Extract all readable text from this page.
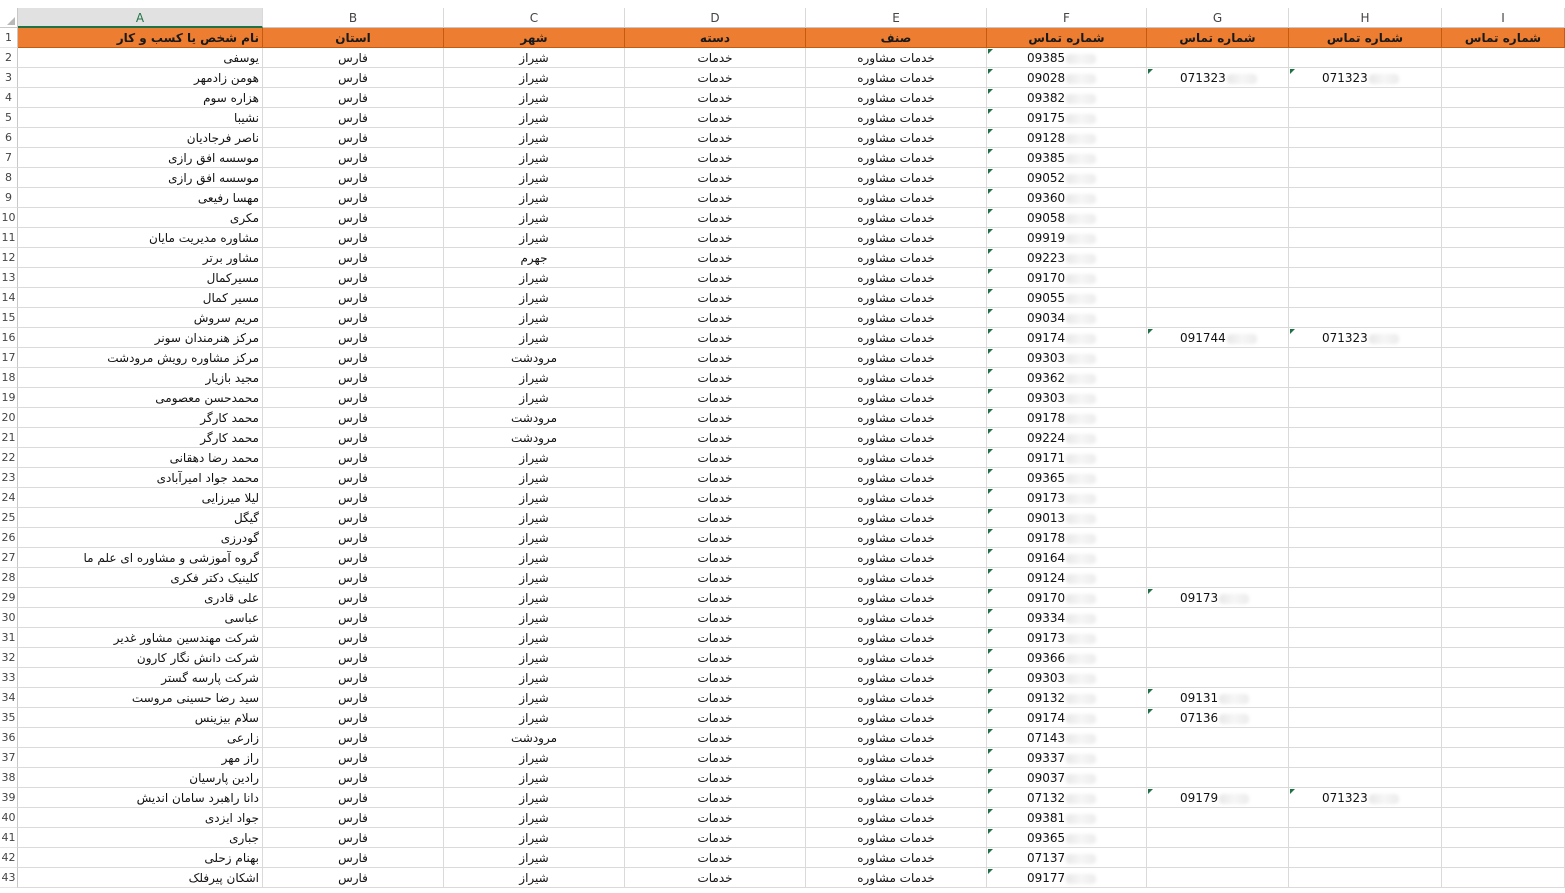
A	B	C	D	E	F	G	H	I
1	نام شخص یا کسب و کار	استان	شهر	دسته	صنف	شماره تماس	شماره تماس	شماره تماس	شماره تماس
2	یوسفی	فارس	شیراز	خدمات	خدمات مشاوره	09385
3	هومن زادمهر	فارس	شیراز	خدمات	خدمات مشاوره	09028	071323	071323
4	هزاره سوم	فارس	شیراز	خدمات	خدمات مشاوره	09382
5	نشیبا	فارس	شیراز	خدمات	خدمات مشاوره	09175
6	ناصر فرجادیان	فارس	شیراز	خدمات	خدمات مشاوره	09128
7	موسسه افق رازی	فارس	شیراز	خدمات	خدمات مشاوره	09385
8	موسسه افق رازی	فارس	شیراز	خدمات	خدمات مشاوره	09052
9	مهسا رفیعی	فارس	شیراز	خدمات	خدمات مشاوره	09360
10	مکری	فارس	شیراز	خدمات	خدمات مشاوره	09058
11	مشاوره مدیریت مایان	فارس	شیراز	خدمات	خدمات مشاوره	09919
12	مشاور برتر	فارس	جهرم	خدمات	خدمات مشاوره	09223
13	مسیرکمال	فارس	شیراز	خدمات	خدمات مشاوره	09170
14	مسیر کمال	فارس	شیراز	خدمات	خدمات مشاوره	09055
15	مریم سروش	فارس	شیراز	خدمات	خدمات مشاوره	09034
16	مرکز هنرمندان سونر	فارس	شیراز	خدمات	خدمات مشاوره	09174	091744	071323
17	مرکز مشاوره رویش مرودشت	فارس	مرودشت	خدمات	خدمات مشاوره	09303
18	مجید بازیار	فارس	شیراز	خدمات	خدمات مشاوره	09362
19	محمدحسن معصومی	فارس	شیراز	خدمات	خدمات مشاوره	09303
20	محمد کارگر	فارس	مرودشت	خدمات	خدمات مشاوره	09178
21	محمد کارگر	فارس	مرودشت	خدمات	خدمات مشاوره	09224
22	محمد رضا دهقانی	فارس	شیراز	خدمات	خدمات مشاوره	09171
23	محمد جواد امیرآبادی	فارس	شیراز	خدمات	خدمات مشاوره	09365
24	لیلا میرزایی	فارس	شیراز	خدمات	خدمات مشاوره	09173
25	گیگل	فارس	شیراز	خدمات	خدمات مشاوره	09013
26	گودرزی	فارس	شیراز	خدمات	خدمات مشاوره	09178
27	گروه آموزشی و مشاوره ای علم ما	فارس	شیراز	خدمات	خدمات مشاوره	09164
28	کلینیک دکتر فکری	فارس	شیراز	خدمات	خدمات مشاوره	09124
29	علی قادری	فارس	شیراز	خدمات	خدمات مشاوره	09170	09173
30	عباسی	فارس	شیراز	خدمات	خدمات مشاوره	09334
31	شرکت مهندسین مشاور غدیر	فارس	شیراز	خدمات	خدمات مشاوره	09173
32	شرکت دانش نگار کارون	فارس	شیراز	خدمات	خدمات مشاوره	09366
33	شرکت پارسه گستر	فارس	شیراز	خدمات	خدمات مشاوره	09303
34	سید رضا حسینی مروست	فارس	شیراز	خدمات	خدمات مشاوره	09132	09131
35	سلام بیزینس	فارس	شیراز	خدمات	خدمات مشاوره	09174	07136
36	زارعی	فارس	مرودشت	خدمات	خدمات مشاوره	07143
37	راز مهر	فارس	شیراز	خدمات	خدمات مشاوره	09337
38	رادین پارسیان	فارس	شیراز	خدمات	خدمات مشاوره	09037
39	دانا راهبرد سامان اندیش	فارس	شیراز	خدمات	خدمات مشاوره	07132	09179	071323
40	جواد ایزدی	فارس	شیراز	خدمات	خدمات مشاوره	09381
41	جباری	فارس	شیراز	خدمات	خدمات مشاوره	09365
42	بهنام زحلی	فارس	شیراز	خدمات	خدمات مشاوره	07137
43	اشکان پیرفلک	فارس	شیراز	خدمات	خدمات مشاوره	09177
